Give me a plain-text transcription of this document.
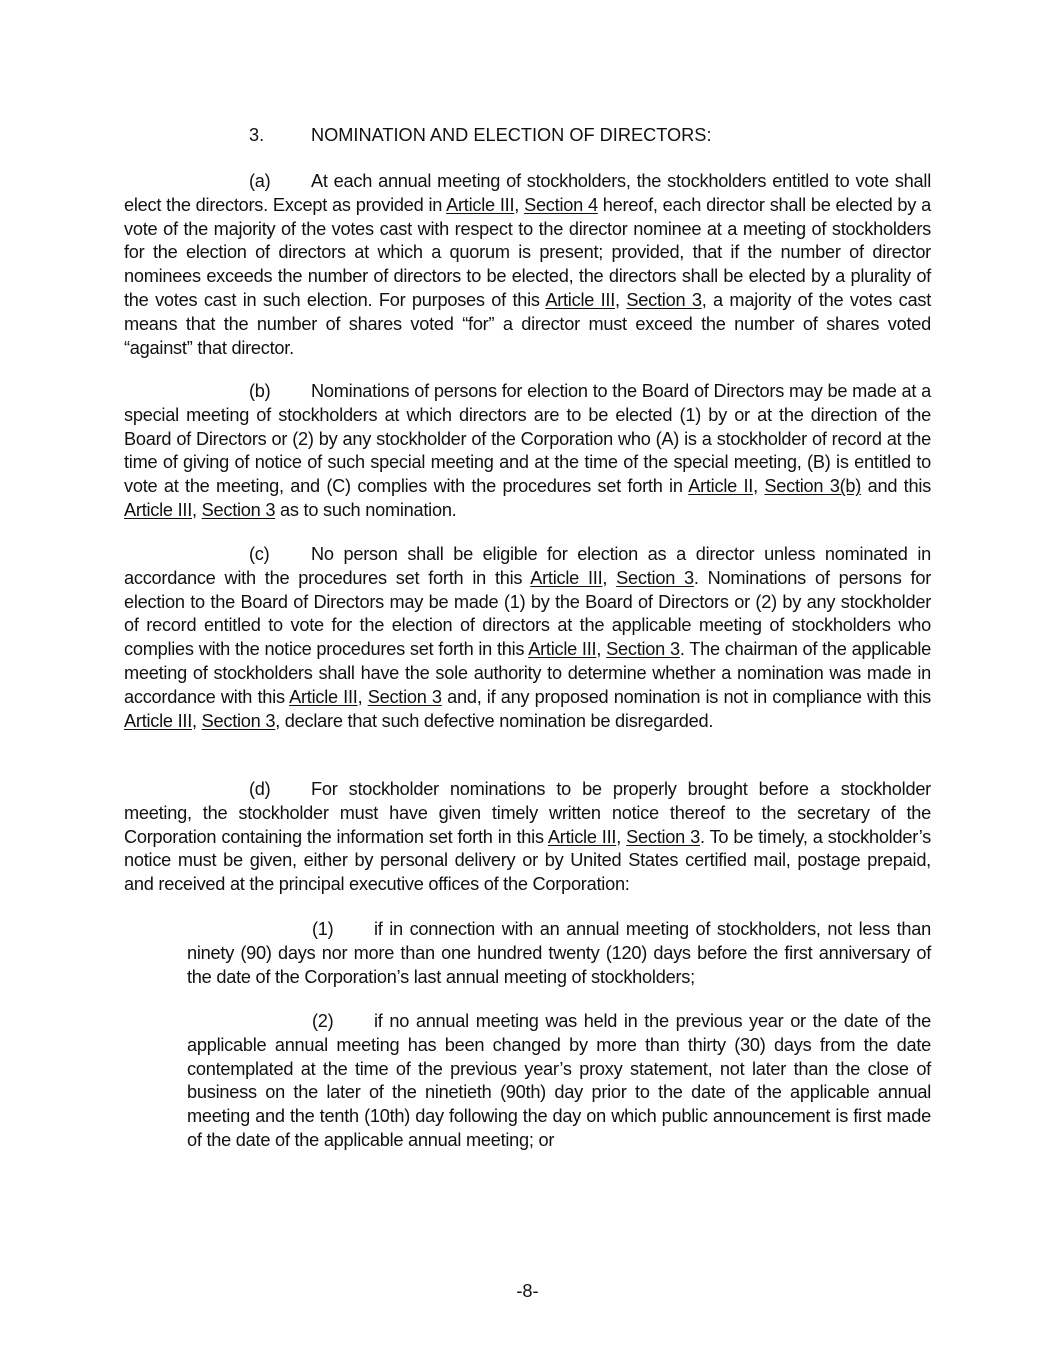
3.	NOMINATION AND ELECTION OF DIRECTORS:
(a) At each annual meeting of stockholders, the stockholders entitled to vote shall elect the directors. Except as provided in Article III, Section 4 hereof, each director shall be elected by a vote of the majority of the votes cast with respect to the director nominee at a meeting of stockholders for the election of directors at which a quorum is present; provided, that if the number of director nominees exceeds the number of directors to be elected, the directors shall be elected by a plurality of the votes cast in such election. For purposes of this Article III, Section 3, a majority of the votes cast means that the number of shares voted “for” a director must exceed the number of shares voted “against” that director.
(b) Nominations of persons for election to the Board of Directors may be made at a special meeting of stockholders at which directors are to be elected (1) by or at the direction of the Board of Directors or (2) by any stockholder of the Corporation who (A) is a stockholder of record at the time of giving of notice of such special meeting and at the time of the special meeting, (B) is entitled to vote at the meeting, and (C) complies with the procedures set forth in Article II, Section 3(b) and this Article III, Section 3 as to such nomination.
(c) No person shall be eligible for election as a director unless nominated in accordance with the procedures set forth in this Article III, Section 3. Nominations of persons for election to the Board of Directors may be made (1) by the Board of Directors or (2) by any stockholder of record entitled to vote for the election of directors at the applicable meeting of stockholders who complies with the notice procedures set forth in this Article III, Section 3. The chairman of the applicable meeting of stockholders shall have the sole authority to determine whether a nomination was made in accordance with this Article III, Section 3 and, if any proposed nomination is not in compliance with this Article III, Section 3, declare that such defective nomination be disregarded.
(d) For stockholder nominations to be properly brought before a stockholder meeting, the stockholder must have given timely written notice thereof to the secretary of the Corporation containing the information set forth in this Article III, Section 3. To be timely, a stockholder’s notice must be given, either by personal delivery or by United States certified mail, postage prepaid, and received at the principal executive offices of the Corporation:
(1) if in connection with an annual meeting of stockholders, not less than ninety (90) days nor more than one hundred twenty (120) days before the first anniversary of the date of the Corporation’s last annual meeting of stockholders;
(2) if no annual meeting was held in the previous year or the date of the applicable annual meeting has been changed by more than thirty (30) days from the date contemplated at the time of the previous year’s proxy statement, not later than the close of business on the later of the ninetieth (90th) day prior to the date of the applicable annual meeting and the tenth (10th) day following the day on which public announcement is first made of the date of the applicable annual meeting; or
-8-
